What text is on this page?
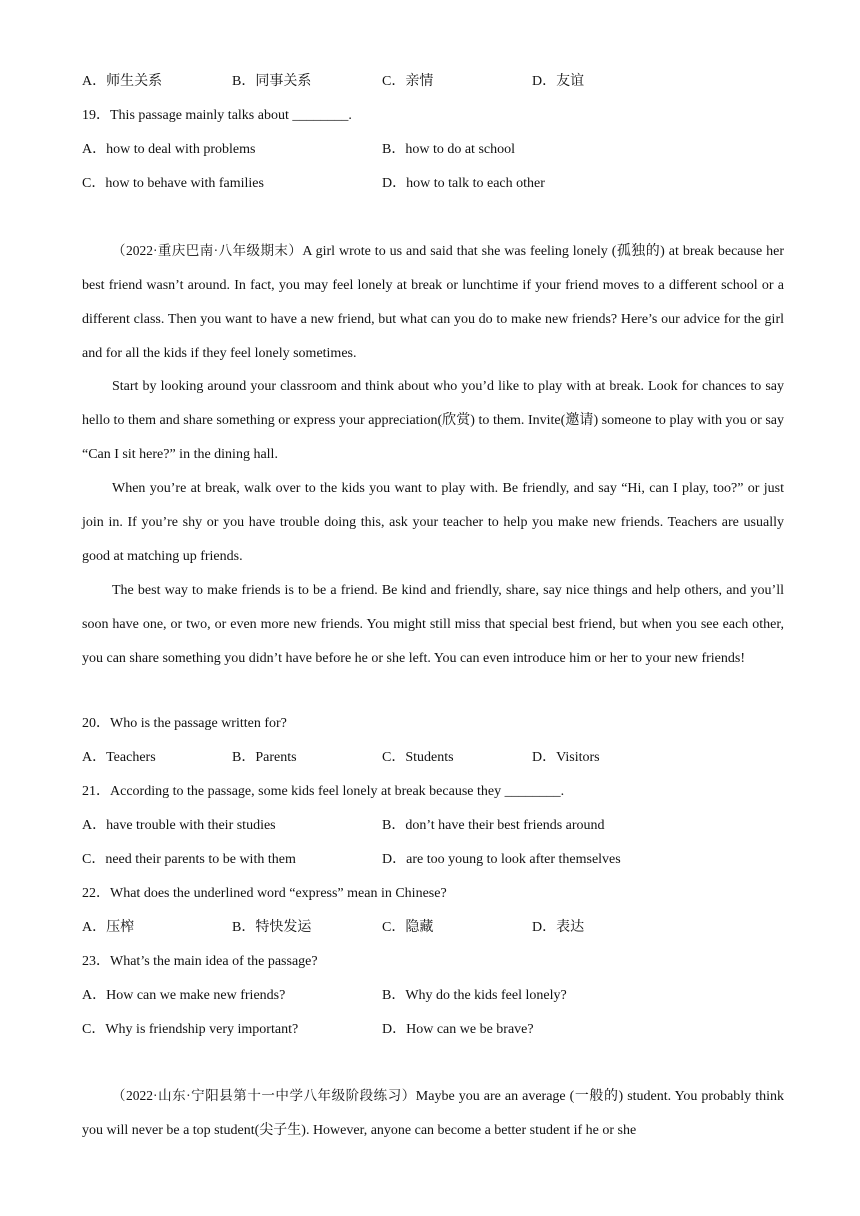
A．师生关系	B．同事关系	C．亲情	D．友谊
19．This passage mainly talks about ________.
A．how to deal with problems	B．how to do at school
C．how to behave with families	D．how to talk to each other
（2022·重庆巴南·八年级期末）A girl wrote to us and said that she was feeling lonely (孤独的) at break because her best friend wasn’t around. In fact, you may feel lonely at break or lunchtime if your friend moves to a different school or a different class. Then you want to have a new friend, but what can you do to make new friends? Here’s our advice for the girl and for all the kids if they feel lonely sometimes.
Start by looking around your classroom and think about who you’d like to play with at break. Look for chances to say hello to them and share something or express your appreciation(欣赏) to them. Invite(邀请) someone to play with you or say “Can I sit here?” in the dining hall.
When you’re at break, walk over to the kids you want to play with. Be friendly, and say “Hi, can I play, too?” or just join in. If you’re shy or you have trouble doing this, ask your teacher to help you make new friends. Teachers are usually good at matching up friends.
The best way to make friends is to be a friend. Be kind and friendly, share, say nice things and help others, and you’ll soon have one, or two, or even more new friends. You might still miss that special best friend, but when you see each other, you can share something you didn’t have before he or she left. You can even introduce him or her to your new friends!
20．Who is the passage written for?
A．Teachers	B．Parents	C．Students	D．Visitors
21．According to the passage, some kids feel lonely at break because they ________.
A．have trouble with their studies	B．don’t have their best friends around
C．need their parents to be with them	D．are too young to look after themselves
22．What does the underlined word “express” mean in Chinese?
A．压榨	B．特快发运	C．隐藏	D．表达
23．What’s the main idea of the passage?
A．How can we make new friends?	B．Why do the kids feel lonely?
C．Why is friendship very important?	D．How can we be brave?
（2022·山东·宁阳县第十一中学八年级阶段练习）Maybe you are an average (一般的) student. You probably think you will never be a top student(尖子生). However, anyone can become a better student if he or she
